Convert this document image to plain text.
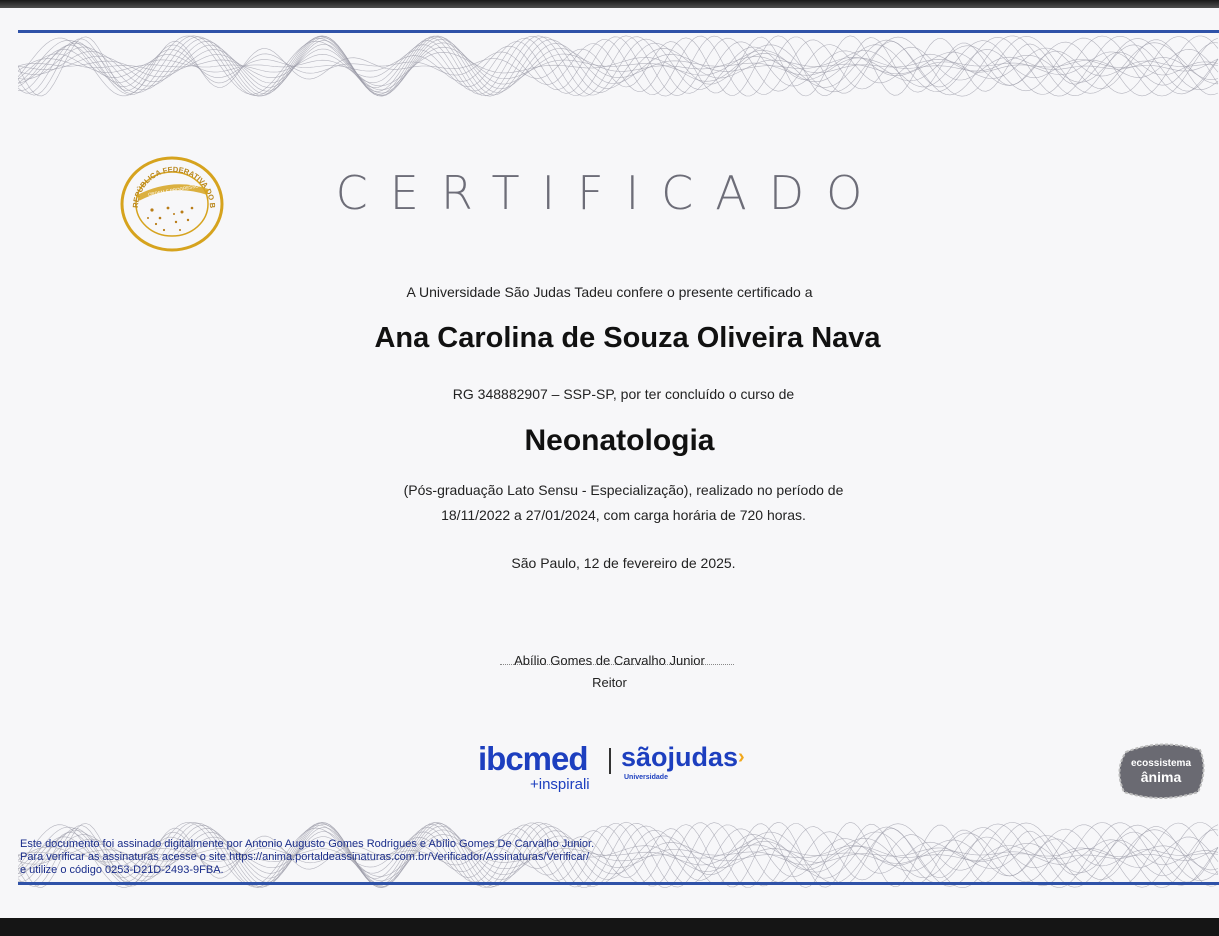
REPÚBLICA FEDERATIVA DO B
ORDEM E PROGRESSO	CERTIFICADO
A Universidade São Judas Tadeu confere o presente certificado a
Ana Carolina de Souza Oliveira Nava
RG 348882907 – SSP-SP, por ter concluído o curso de
Neonatologia
(Pós-graduação Lato Sensu - Especialização), realizado no período de
18/11/2022 a 27/01/2024, com carga horária de 720 horas.
São Paulo, 12 de fevereiro de 2025.
Abílio Gomes de Carvalho Junior
Reitor
ibcmed
+inspirali
sãojudas ›
Universidade
ecossistema
ânima
Este documento foi assinado digitalmente por Antonio Augusto Gomes Rodrigues e Abílio Gomes De Carvalho Junior.
Para verificar as assinaturas acesse o site https://anima.portaldeassinaturas.com.br/Verificador/Assinaturas/Verificar/
e utilize o código 0253-D21D-2493-9FBA.
